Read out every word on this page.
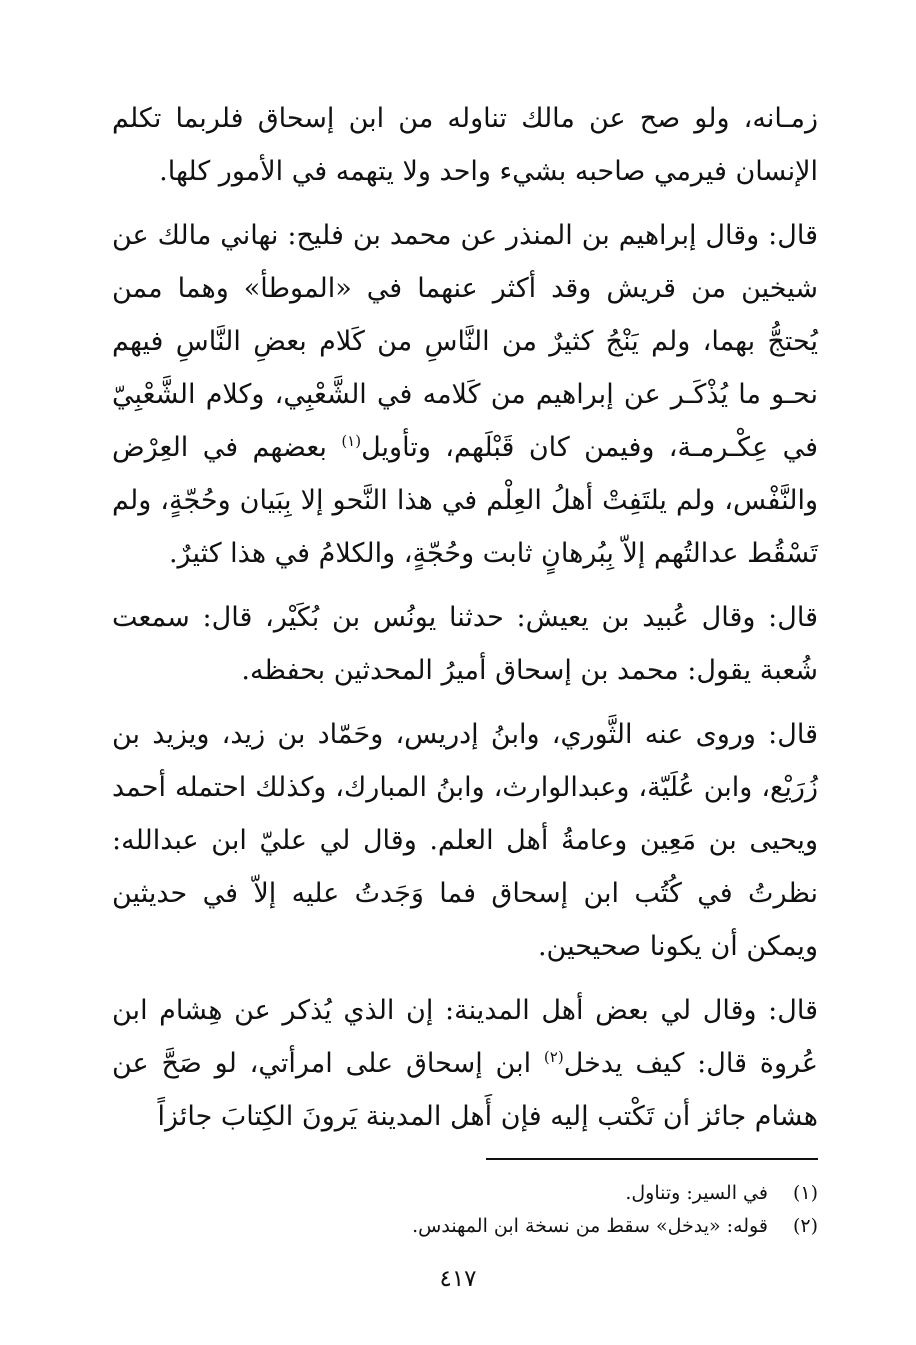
زمـانه، ولو صح عن مالك تناوله من ابن إسحاق فلربما تكلم الإنسان فيرمي صاحبه بشيء واحد ولا يتهمه في الأمور كلها.

قال: وقال إبراهيم بن المنذر عن محمد بن فليح: نهاني مالك عن شيخين من قريش وقد أكثر عنهما في «الموطأ» وهما ممن يُحتجُّ بهما، ولم يَنْجُ كثيرٌ من النَّاسِ من كَلام بعضِ النَّاسِ فيهم نحـو ما يُذْكَـر عن إبراهيم من كَلامه في الشَّعْبِي، وكلام الشَّعْبِيّ في عِكْـرمـة، وفيمن كان قَبْلَهم، وتأويل$^{(١)}$ بعضهم في العِرْض والنَّفْس، ولم يلتَفِتْ أهلُ العِلْم في هذا النَّحو إلا بِبَيان وحُجّةٍ، ولم تَسْقُط عدالتُهم إلاّ بِبُرهانٍ ثابت وحُجّةٍ، والكلامُ في هذا كثيرٌ.

قال: وقال عُبيد بن يعيش: حدثنا يونُس بن بُكَيْر، قال: سمعت شُعبة يقول: محمد بن إسحاق أميرُ المحدثين بحفظه.

قال: وروى عنه الثَّوري، وابنُ إدريس، وحَمّاد بن زيد، ويزيد بن زُرَيْع، وابن عُلَيّة، وعبدالوارث، وابنُ المبارك، وكذلك احتمله أحمد ويحيى بن مَعِين وعامةُ أهل العلم. وقال لي عليّ ابن عبدالله: نظرتُ في كُتُب ابن إسحاق فما وَجَدتُ عليه إلاّ في حديثين ويمكن أن يكونا صحيحين.

قال: وقال لي بعض أهل المدينة: إن الذي يُذكر عن هِشام ابن عُروة قال: كيف يدخل$^{(٢)}$ ابن إسحاق على امرأتي، لو صَحَّ عن هشام جائز أن تَكْتب إليه فإن أَهل المدينة يَرونَ الكِتابَ جائزاً

(١) في السير: وتناول.

(٢) قوله: «يدخل» سقط من نسخة ابن المهندس.

٤١٧
